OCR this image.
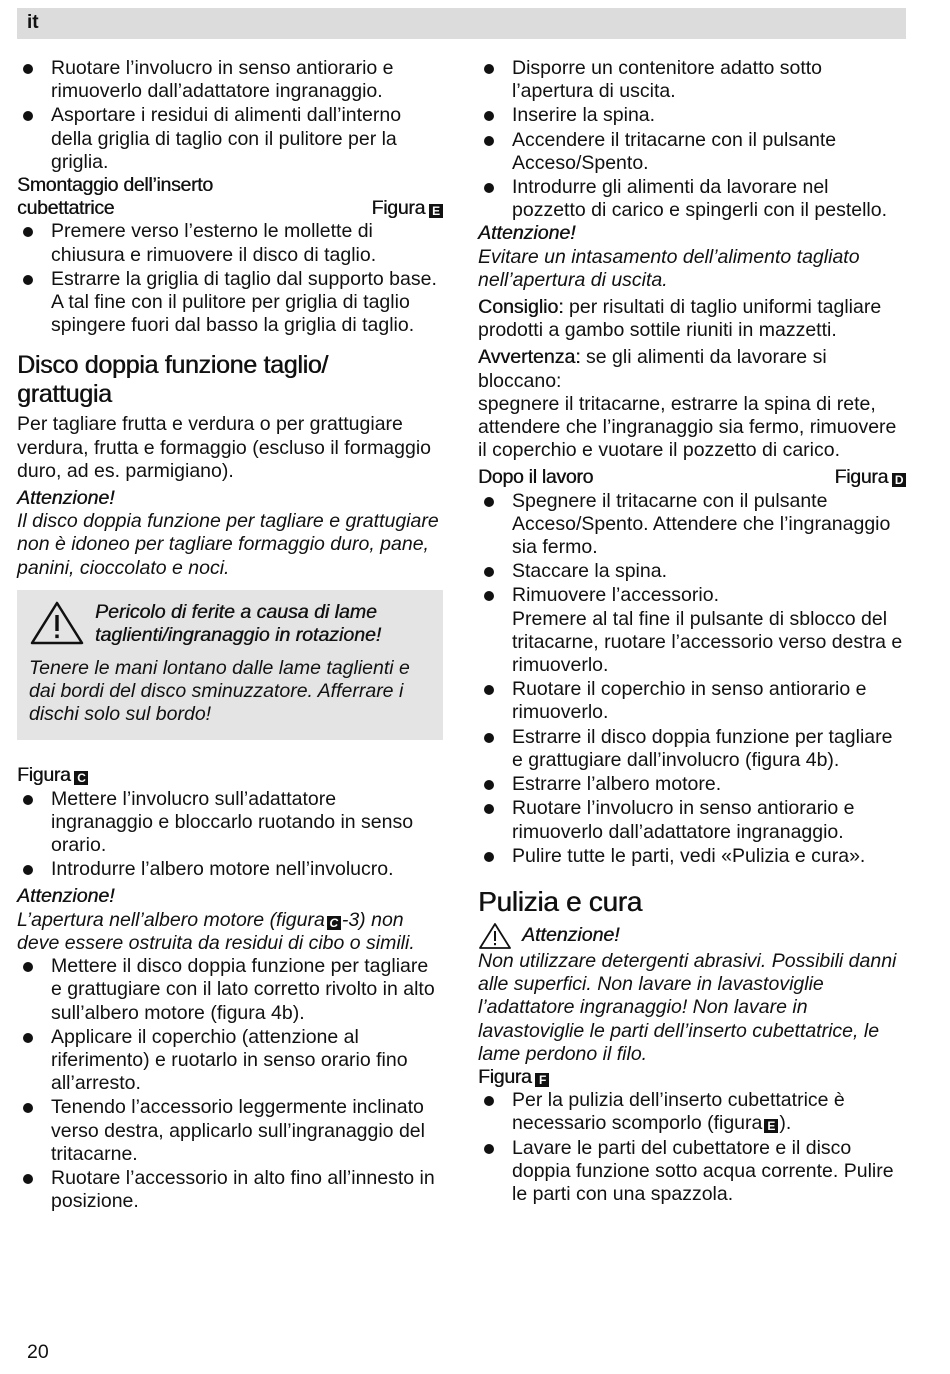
it
Ruotare l’involucro in senso antiorario e rimuoverlo dall’adattatore ingranaggio.
Asportare i residui di alimenti dall’interno della griglia di taglio con il pulitore per la griglia.
Smontaggio dell’inserto
cubettatrice	Figura E
Premere verso l’esterno le mollette di chiusura e rimuovere il disco di taglio.
Estrarre la griglia di taglio dal supporto base. A tal fine con il pulitore per griglia di taglio spingere fuori dal basso la griglia di taglio.
Disco doppia funzione taglio/
grattugia

Per tagliare frutta e verdura o per grattugiare verdura, frutta e formaggio (escluso il formaggio duro, ad es. parmigiano).

Attenzione!

Il disco doppia funzione per tagliare e grattugiare non è idoneo per tagliare formaggio duro, pane, panini, cioccolato e noci.

Pericolo di ferite a causa di lame taglienti/ingranaggio in rotazione!

Tenere le mani lontano dalle lame taglienti e dai bordi del disco sminuzzatore. Afferrare i dischi solo sul bordo!

Figura C
Mettere l’involucro sull’adattatore ingranaggio e bloccarlo ruotando in senso orario.
Introdurre l’albero motore nell’involucro.

Attenzione!

L’apertura nell’albero motore (figura C -3) non deve essere ostruita da residui di cibo o simili.

Mettere il disco doppia funzione per tagliare e grattugiare con il lato corretto rivolto in alto sull’albero motore (figura 4b).
Applicare il coperchio (attenzione al riferimento) e ruotarlo in senso orario fino all’arresto.
Tenendo l’accessorio leggermente inclinato verso destra, applicarlo sull’ingranaggio del tritacarne.
Ruotare l’accessorio in alto fino all’innesto in posizione.
Disporre un contenitore adatto sotto l’apertura di uscita.
Inserire la spina.
Accendere il tritacarne con il pulsante Acceso/Spento.
Introdurre gli alimenti da lavorare nel pozzetto di carico e spingerli con il pestello.

Attenzione!

Evitare un intasamento dell’alimento tagliato nell’apertura di uscita.

Consiglio: per risultati di taglio uniformi tagliare prodotti a gambo sottile riuniti in mazzetti.

Avvertenza: se gli alimenti da lavorare si bloccano:

spegnere il tritacarne, estrarre la spina di rete, attendere che l’ingranaggio sia fermo, rimuovere il coperchio e vuotare il pozzetto di carico.

Dopo il lavoro	Figura D
Spegnere il tritacarne con il pulsante Acceso/Spento. Attendere che l’ingranaggio sia fermo.
Staccare la spina.
Rimuovere l’accessorio.
Premere al tal fine il pulsante di sblocco del tritacarne, ruotare l’accessorio verso destra e rimuoverlo.
Ruotare il coperchio in senso antiorario e rimuoverlo.
Estrarre il disco doppia funzione per tagliare e grattugiare dall’involucro (figura 4b).
Estrarre l’albero motore.
Ruotare l’involucro in senso antiorario e rimuoverlo dall’adattatore ingranaggio.
Pulire tutte le parti, vedi «Pulizia e cura».
Pulizia e cura
Attenzione!

Non utilizzare detergenti abrasivi. Possibili danni alle superfici. Non lavare in lavastoviglie l’adattatore ingranaggio! Non lavare in lavastoviglie le parti dell’inserto cubettatrice, le lame perdono il filo.

Figura F
Per la pulizia dell’inserto cubettatrice è necessario scomporlo (figura E ).
Lavare le parti del cubettatore e il disco doppia funzione sotto acqua corrente. Pulire le parti con una spazzola.
20
